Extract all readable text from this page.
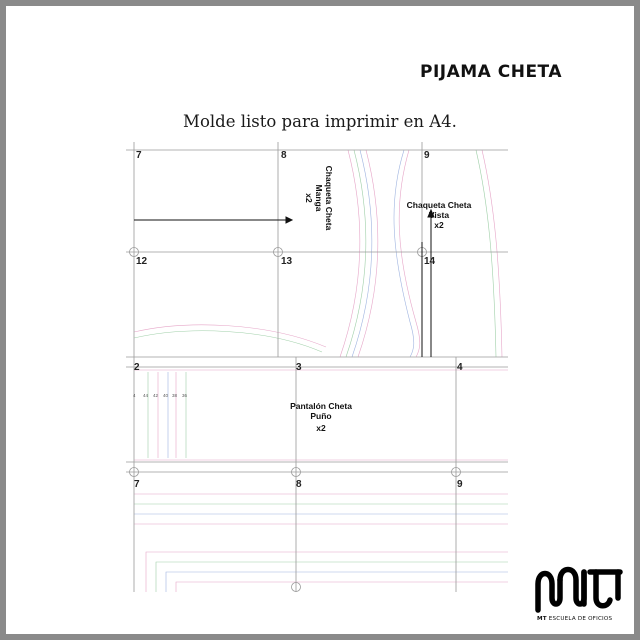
PIJAMA CHETA
Molde listo para imprimir en A4.
7	8	9
12	13	14
2	3	4
7	8	9
4 44 42 40 38 36
Chaqueta Cheta
Manga
x2
Chaqueta Cheta
Vista
x2
Pantalón Cheta
Puño
x2
MT ESCUELA DE OFICIOS
